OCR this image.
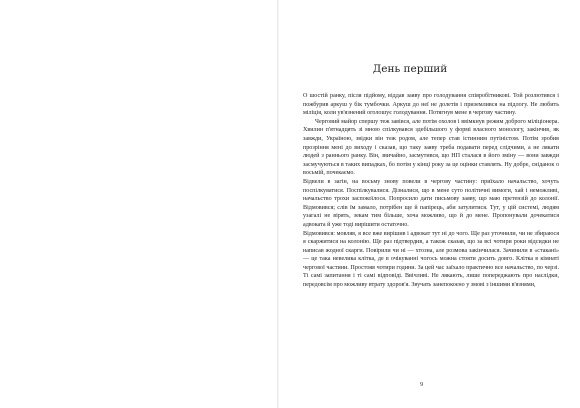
День перший

О шостій ранку, після підйому, віддав заяву про голодування співробітникові. Той розлютився і пожбурив аркуш у бік тумбочки. Аркуш до неї не долетів і приземлився на підлогу. Не любить міліція, коли ув'язнений оголошує голодування. Потягнув мене в чергову частину.

Черговий майор спершу теж завівся, але потім охолов і ввімкнув режим доброго міліціонера. Хвилин п'ятнадцять зі мною спілкувався здебільшого у формі власного монологу, закінчив, як завжди, Україною, звідки він теж родом, але тепер став істинним путіністом. Потім зробив прозріння мені до виходу і сказав, що таку заяву треба подавати перед слідчими, а не лякати людей з раннього ранку. Він, звичайно, засмутився, що НП сталася в його зміну — вони завжди засмучуються в таких випадках, бо потім у кінці року за це оцінки ставлять. Ну добре, сніданок о восьмій, почекаємо.

Відвели в загін, на восьму знову повели в чергову частину: приїхало начальство, хочуть поспілкуватися. Поспілкувалися. Дізналися, що в мене суто політичні вимоги, хай і неможливі, начальство трохи заспокоїлося. Попросило дати письмову заяву, що маю претензій до колонії. Відмовився; слів їм замало, потрібен ще й папірець, аби затулитися. Тут, у цій системі, людям узагалі не вірять, зекам тим більше, хоча можливо, що й до мене. Пропонували дочекатися адвоката й уже тоді вирішити остаточно.

Відмовився: мовляв, я все вже вирішив і адвокат тут ні до чого. Ще раз уточнили, чи не збираюся я скаржитися на колонію. Ще раз підтвердив, а також сказав, що за всі чотири роки відсидки не написав жодної скарги. Повірили чи ні — хтозна, але розмова закінчилася. Зачинили в «стакані» — це така невелика клітка, де в очікуванні чогось можна стояти досить довго. Клітка в кімнаті чергової частини. Простояв чотири години. За цей час заїхало практично все начальство, по черзі. Ті самі запитання і ті самі відповіді. Ввічливі. Не лякають, лише попереджають про наслідки, передовсім про можливу втрату здоров'я. Звучать занепокоєно у змові з іншими в'язнями,

9
